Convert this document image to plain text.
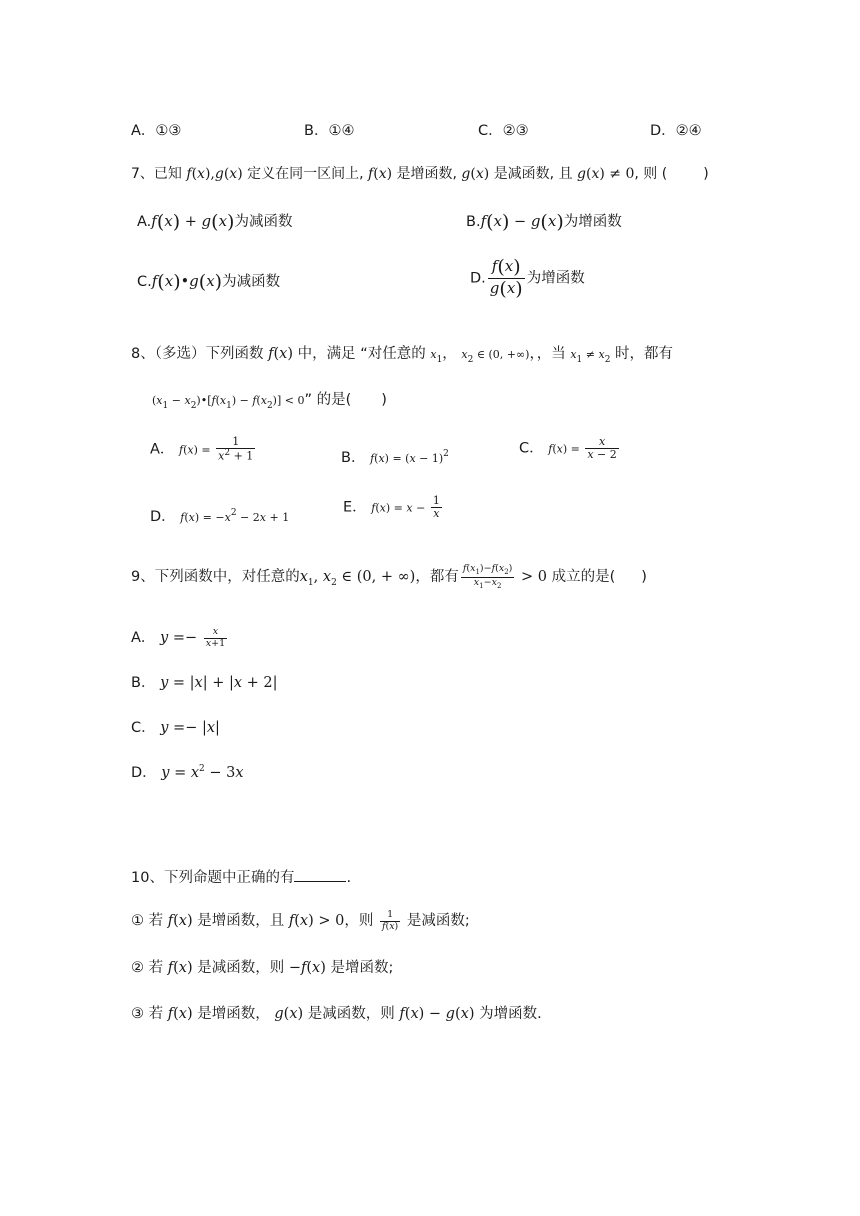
A．①③	B．①④	C．②③	D．②④
7、已知 f(x),g(x) 定义在同一区间上, f(x) 是增函数, g(x) 是减函数, 且 g(x) ≠ 0, 则 (	)
A.f(x) + g(x)为减函数	B.f(x) − g(x)为增函数
C.f(x)•g(x)为减函数	D. $\frac{f(x)}{g(x)}$ 为增函数
8、（多选）下列函数 f(x) 中，满足 “对任意的 $x_1$， $x_2$ ∈ (0, +∞)，，当 $x_1 \ne x_2$ 时，都有
($x_1$ − $x_2)•[f(x_1) - f(x_2)] < 0$” 的是( )
A． $f(x) = \frac{1}{x^2 + 1}$	B． $f(x) = (x - 1)^2$	C． $f(x) = \frac{x}{x - 2}$
D． $f(x) = -x^2 - 2x + 1$
E． $f(x) = x - \frac{1}{x}$
9、下列函数中，对任意的$x_1$, $x_2$ ∈ (0, + ∞)，都有 $\frac{f(x_1)-f(x_2)}{x_1-x_2} > 0$ 成立的是( )
A． $y =- \frac{x}{x+1}$
B． y = |x| + |x + 2|
C． y =− |x|
D． $y = x^2 - 3x$
10、下列命题中正确的有	.
① 若 f(x) 是增函数，且 f(x) > 0，则 $\frac{1}{f(x)}$ 是减函数;
② 若 f(x) 是减函数，则 −f(x) 是增函数;
③ 若 f(x) 是增函数， g(x) 是减函数，则 f(x) − g(x) 为增函数.
